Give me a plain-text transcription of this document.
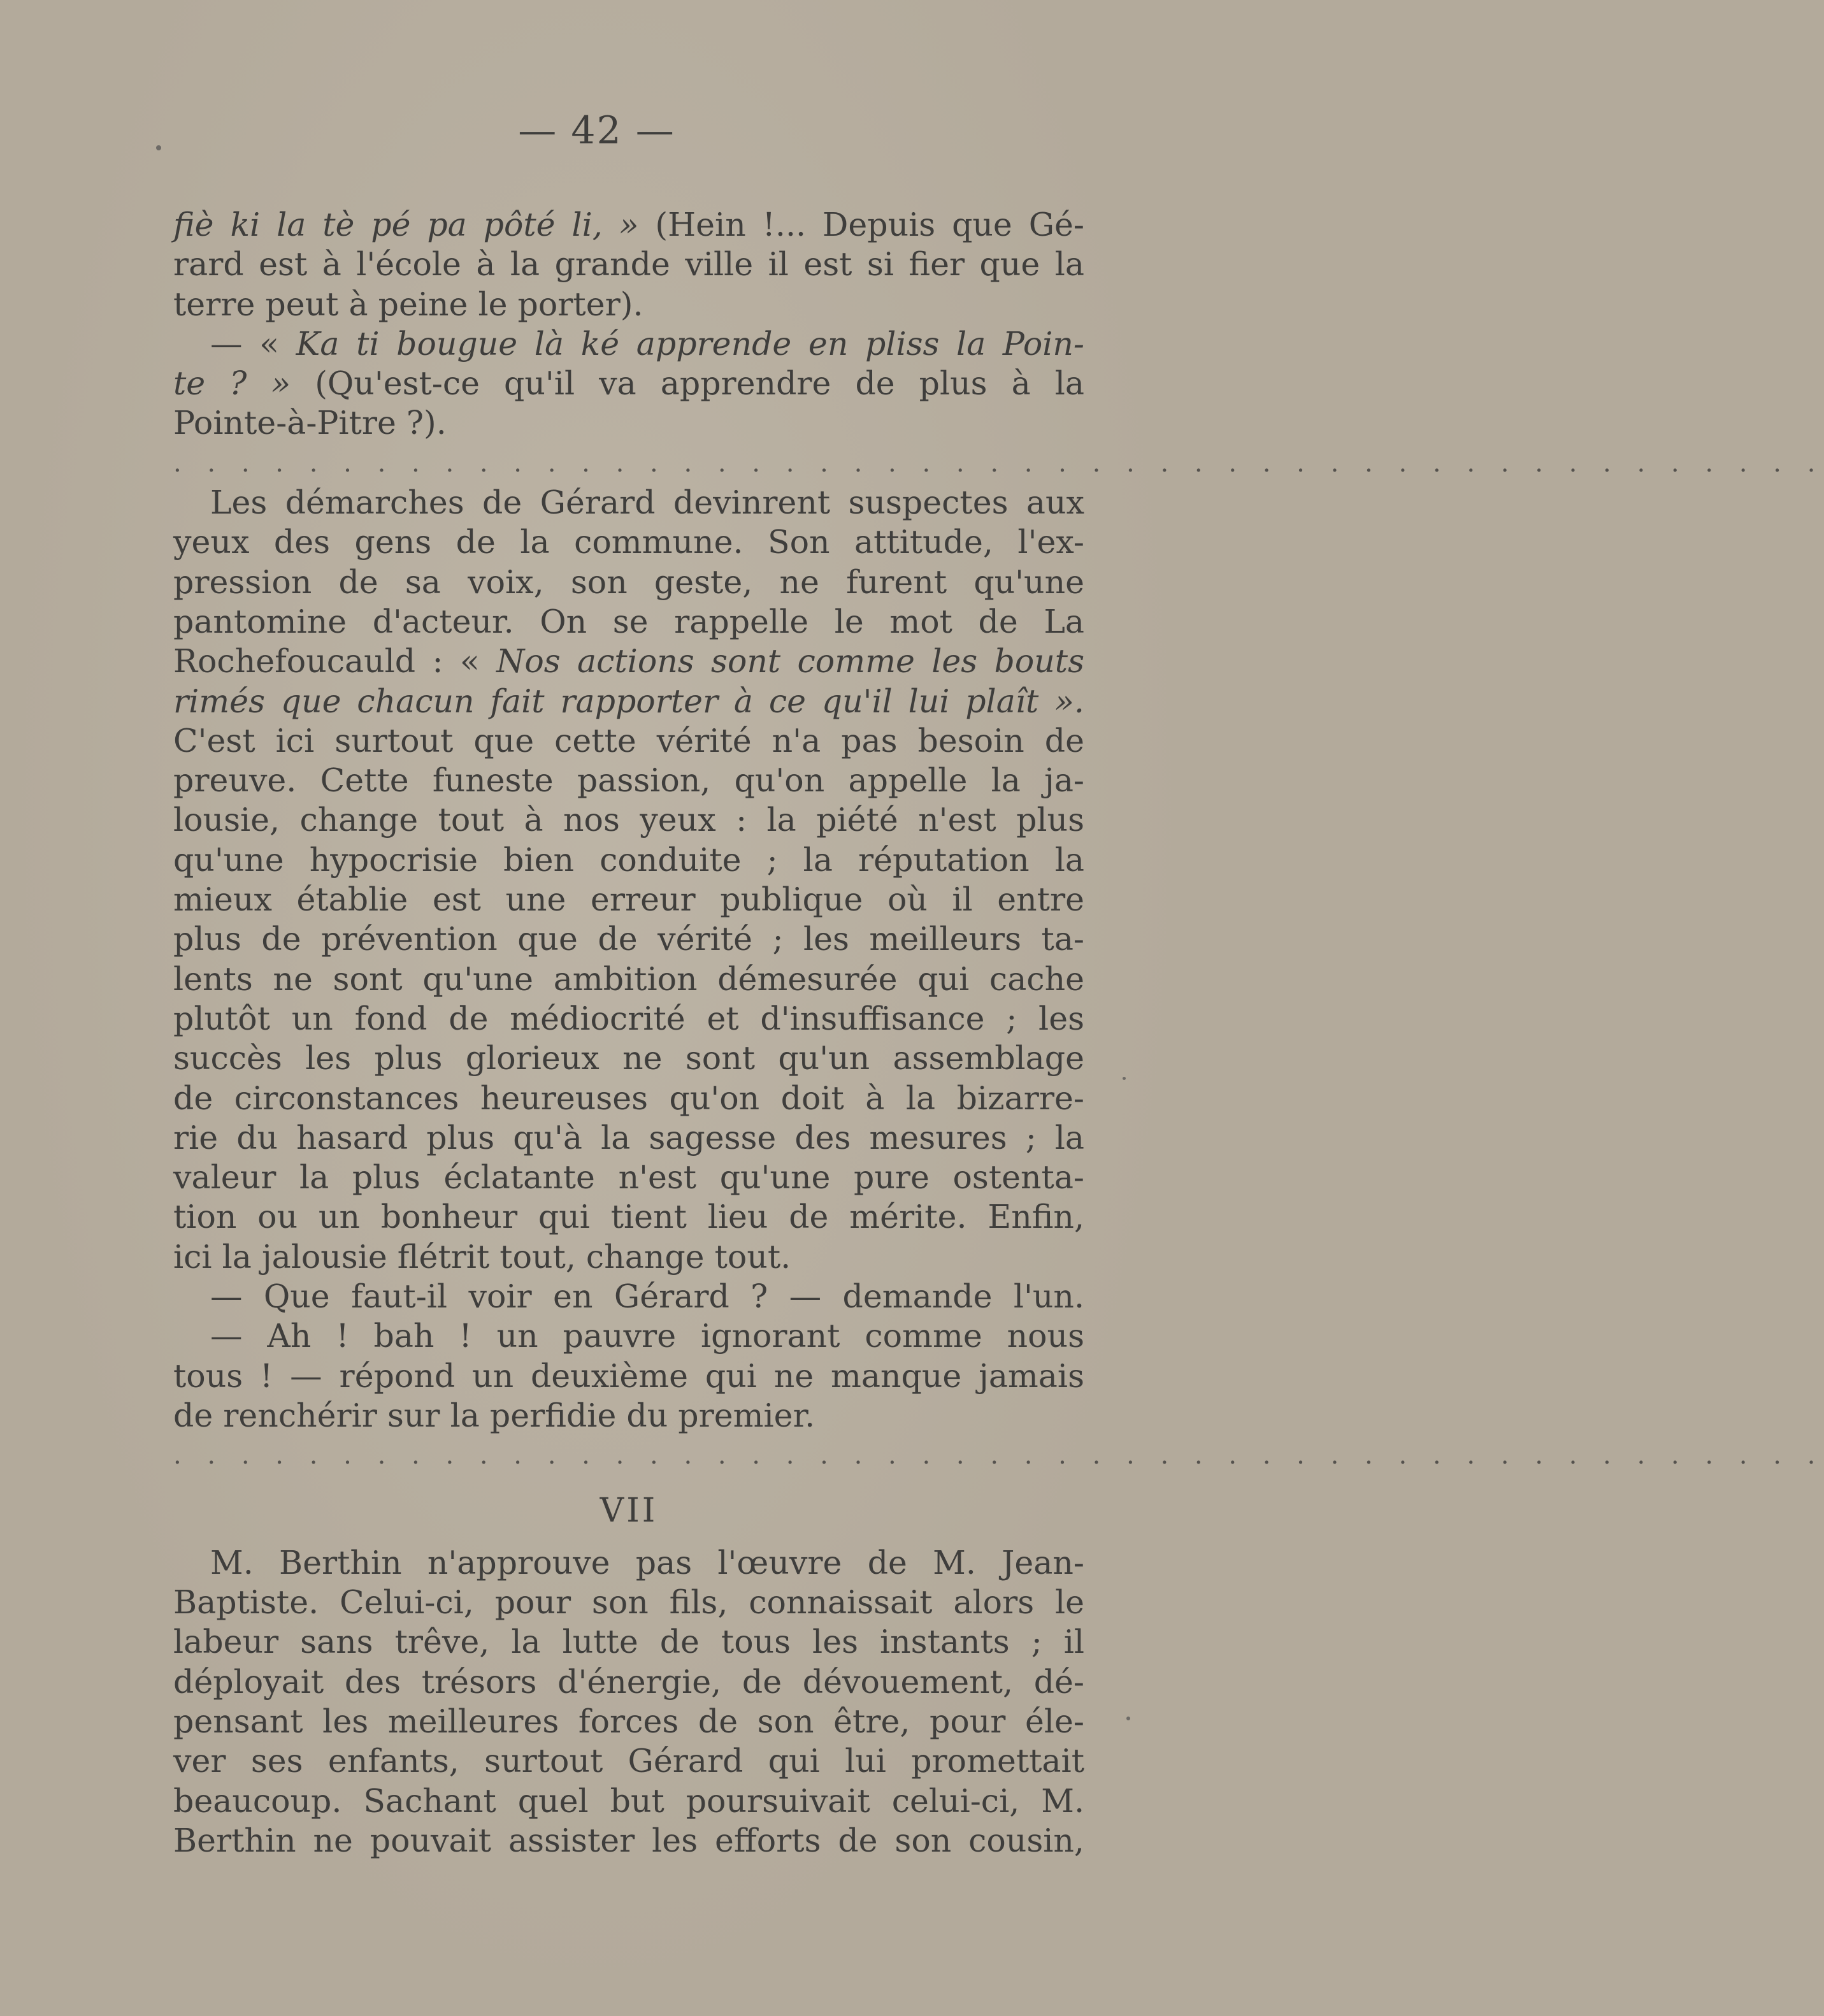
— 42 —
fiè ki la tè pé pa pôté li, » (Hein !... Depuis que Gé-
rard est à l'école à la grande ville il est si fier que la
terre peut à peine le porter).
— « Ka ti bougue là ké apprende en pliss la Poin-
te ? » (Qu'est-ce qu'il va apprendre de plus à la
Pointe-à-Pitre ?).
. . . . . . . . . . . . . . . . . . . . . . . . . . . . . . . . . . . . . . . . . . . . . . . . .
Les démarches de Gérard devinrent suspectes aux
yeux des gens de la commune. Son attitude, l'ex-
pression de sa voix, son geste, ne furent qu'une
pantomine d'acteur. On se rappelle le mot de La
Rochefoucauld : « Nos actions sont comme les bouts
rimés que chacun fait rapporter à ce qu'il lui plaît ».
C'est ici surtout que cette vérité n'a pas besoin de
preuve. Cette funeste passion, qu'on appelle la ja-
lousie, change tout à nos yeux : la piété n'est plus
qu'une hypocrisie bien conduite ; la réputation la
mieux établie est une erreur publique où il entre
plus de prévention que de vérité ; les meilleurs ta-
lents ne sont qu'une ambition démesurée qui cache
plutôt un fond de médiocrité et d'insuffisance ; les
succès les plus glorieux ne sont qu'un assemblage
de circonstances heureuses qu'on doit à la bizarre-
rie du hasard plus qu'à la sagesse des mesures ; la
valeur la plus éclatante n'est qu'une pure ostenta-
tion ou un bonheur qui tient lieu de mérite. Enfin,
ici la jalousie flétrit tout, change tout.
— Que faut-il voir en Gérard ? — demande l'un.
— Ah ! bah ! un pauvre ignorant comme nous
tous ! — répond un deuxième qui ne manque jamais
de renchérir sur la perfidie du premier.
. . . . . . . . . . . . . . . . . . . . . . . . . . . . . . . . . . . . . . . . . . . . . . . . .
VII
M. Berthin n'approuve pas l'œuvre de M. Jean-
Baptiste. Celui-ci, pour son fils, connaissait alors le
labeur sans trêve, la lutte de tous les instants ; il
déployait des trésors d'énergie, de dévouement, dé-
pensant les meilleures forces de son être, pour éle-
ver ses enfants, surtout Gérard qui lui promettait
beaucoup. Sachant quel but poursuivait celui-ci, M.
Berthin ne pouvait assister les efforts de son cousin,
